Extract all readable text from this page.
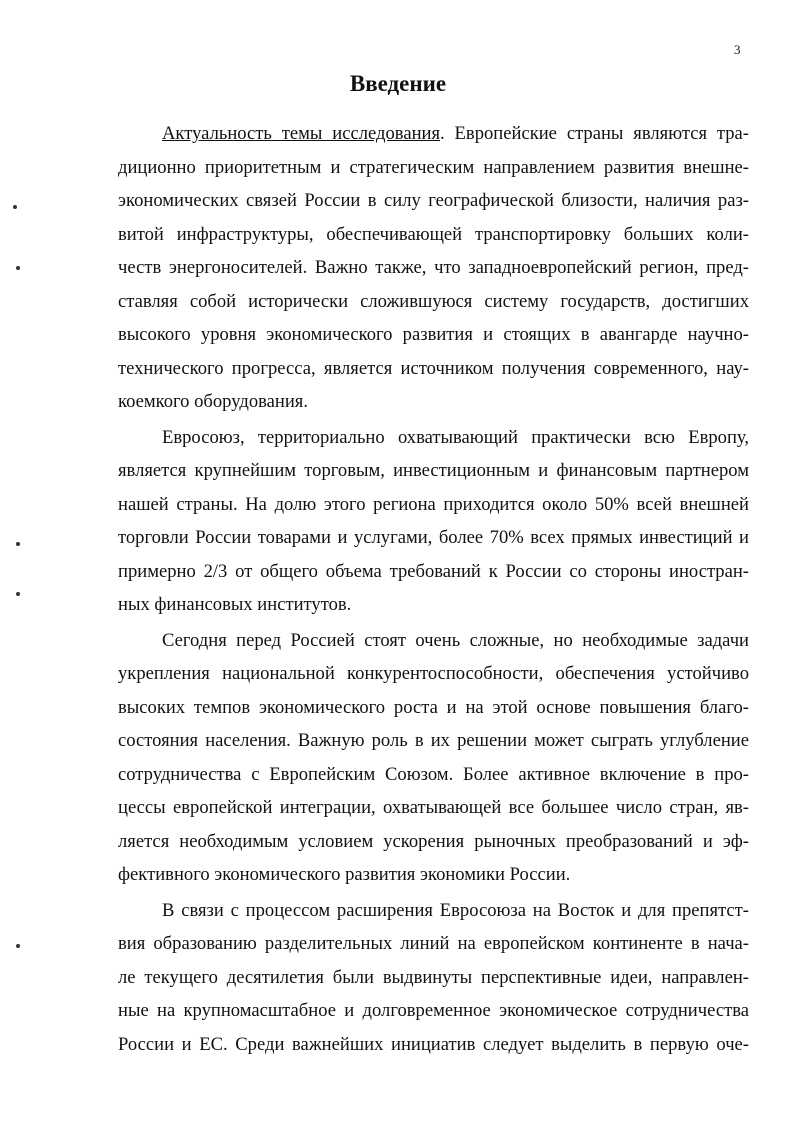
3
Введение
Актуальность темы исследования. Европейские страны являются тра-
диционно приоритетным и стратегическим направлением развития внешне-
экономических связей России в силу географической близости, наличия раз-
витой инфраструктуры, обеспечивающей транспортировку больших коли-
честв энергоносителей. Важно также, что западноевропейский регион, пред-
ставляя собой исторически сложившуюся систему государств, достигших
высокого уровня экономического развития и стоящих в авангарде научно-
технического прогресса, является источником получения современного, нау-
коемкого оборудования.
Евросоюз, территориально охватывающий практически всю Европу,
является крупнейшим торговым, инвестиционным и финансовым партнером
нашей страны. На долю этого региона приходится около 50% всей внешней
торговли России товарами и услугами, более 70% всех прямых инвестиций и
примерно 2/3 от общего объема требований к России со стороны иностран-
ных финансовых институтов.
Сегодня перед Россией стоят очень сложные, но необходимые задачи
укрепления национальной конкурентоспособности, обеспечения устойчиво
высоких темпов экономического роста и на этой основе повышения благо-
состояния населения. Важную роль в их решении может сыграть углубление
сотрудничества с Европейским Союзом. Более активное включение в про-
цессы европейской интеграции, охватывающей все большее число стран, яв-
ляется необходимым условием ускорения рыночных преобразований и эф-
фективного экономического развития экономики России.
В связи с процессом расширения Евросоюза на Восток и для препятст-
вия образованию разделительных линий на европейском континенте в нача-
ле текущего десятилетия были выдвинуты перспективные идеи, направлен-
ные на крупномасштабное и долговременное экономическое сотрудничества
России и ЕС. Среди важнейших инициатив следует выделить в первую оче-
